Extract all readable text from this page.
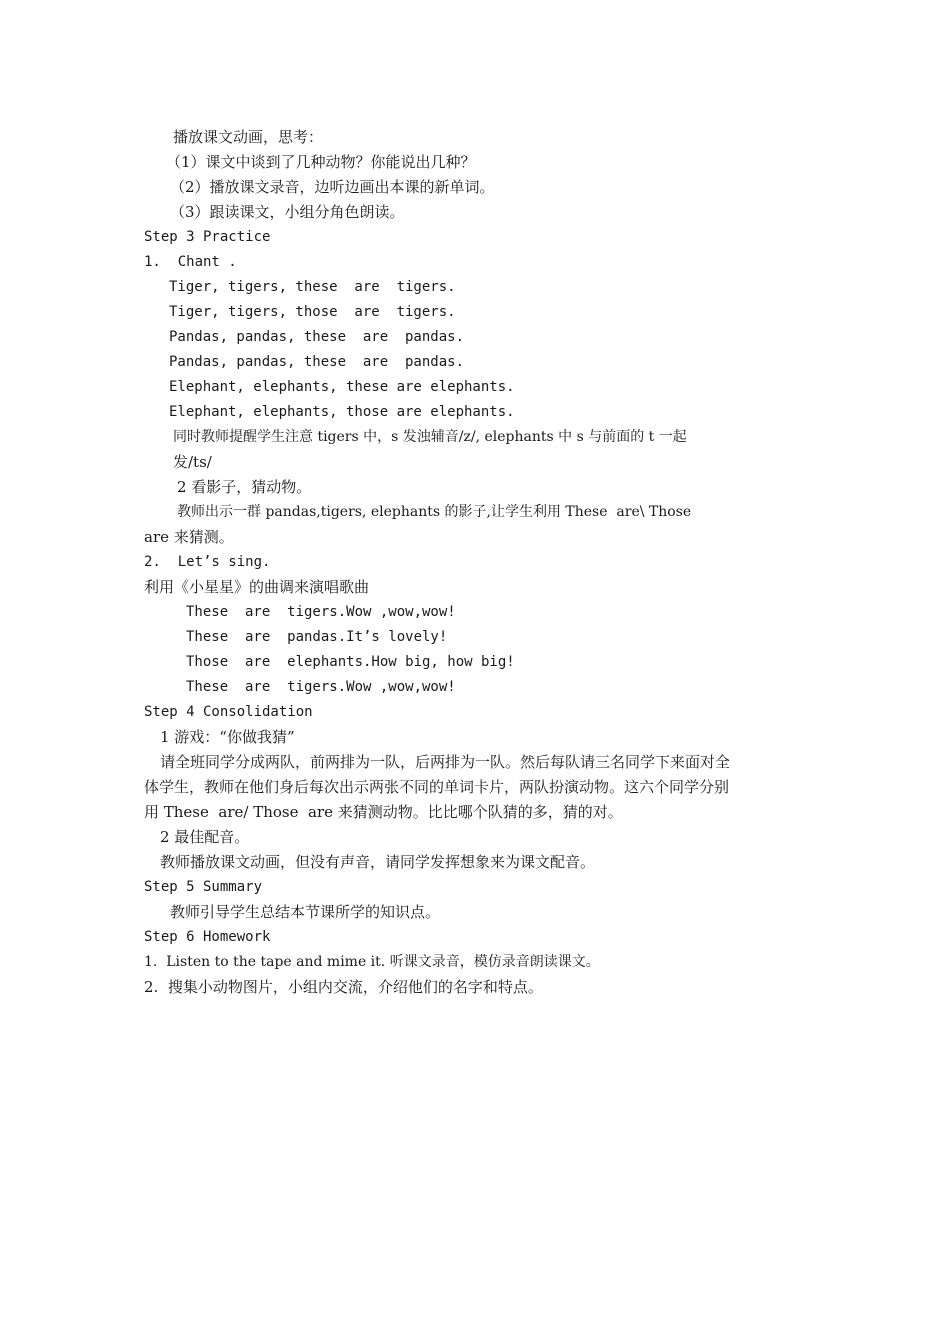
播放课文动画，思考：
（1）课文中谈到了几种动物？你能说出几种？
（2）播放课文录音，边听边画出本课的新单词。
（3）跟读课文，小组分角色朗读。
Step 3 Practice
1.  Chant .
Tiger, tigers, these  are  tigers.
Tiger, tigers, those  are  tigers.
Pandas, pandas, these  are  pandas.
Pandas, pandas, these  are  pandas.
Elephant, elephants, these are elephants.
Elephant, elephants, those are elephants.
同时教师提醒学生注意 tigers 中，s 发浊辅音/z/, elephants 中 s 与前面的 t 一起
发/ts/
2 看影子，猜动物。
教师出示一群 pandas,tigers, elephants 的影子,让学生利用 These  are\ Those
are 来猜测。
2.  Let’s sing.
利用《小星星》的曲调来演唱歌曲
These  are  tigers.Wow ,wow,wow!
These  are  pandas.It’s lovely!
Those  are  elephants.How big, how big!
These  are  tigers.Wow ,wow,wow!
Step 4 Consolidation
1 游戏：“你做我猜”
请全班同学分成两队，前两排为一队，后两排为一队。然后每队请三名同学下来面对全
体学生，教师在他们身后每次出示两张不同的单词卡片，两队扮演动物。这六个同学分别
用 These  are/ Those  are 来猜测动物。比比哪个队猜的多，猜的对。
2 最佳配音。
教师播放课文动画，但没有声音，请同学发挥想象来为课文配音。
Step 5 Summary
教师引导学生总结本节课所学的知识点。
Step 6 Homework
1.  Listen to the tape and mime it. 听课文录音，模仿录音朗读课文。
2.  搜集小动物图片，小组内交流，介绍他们的名字和特点。
